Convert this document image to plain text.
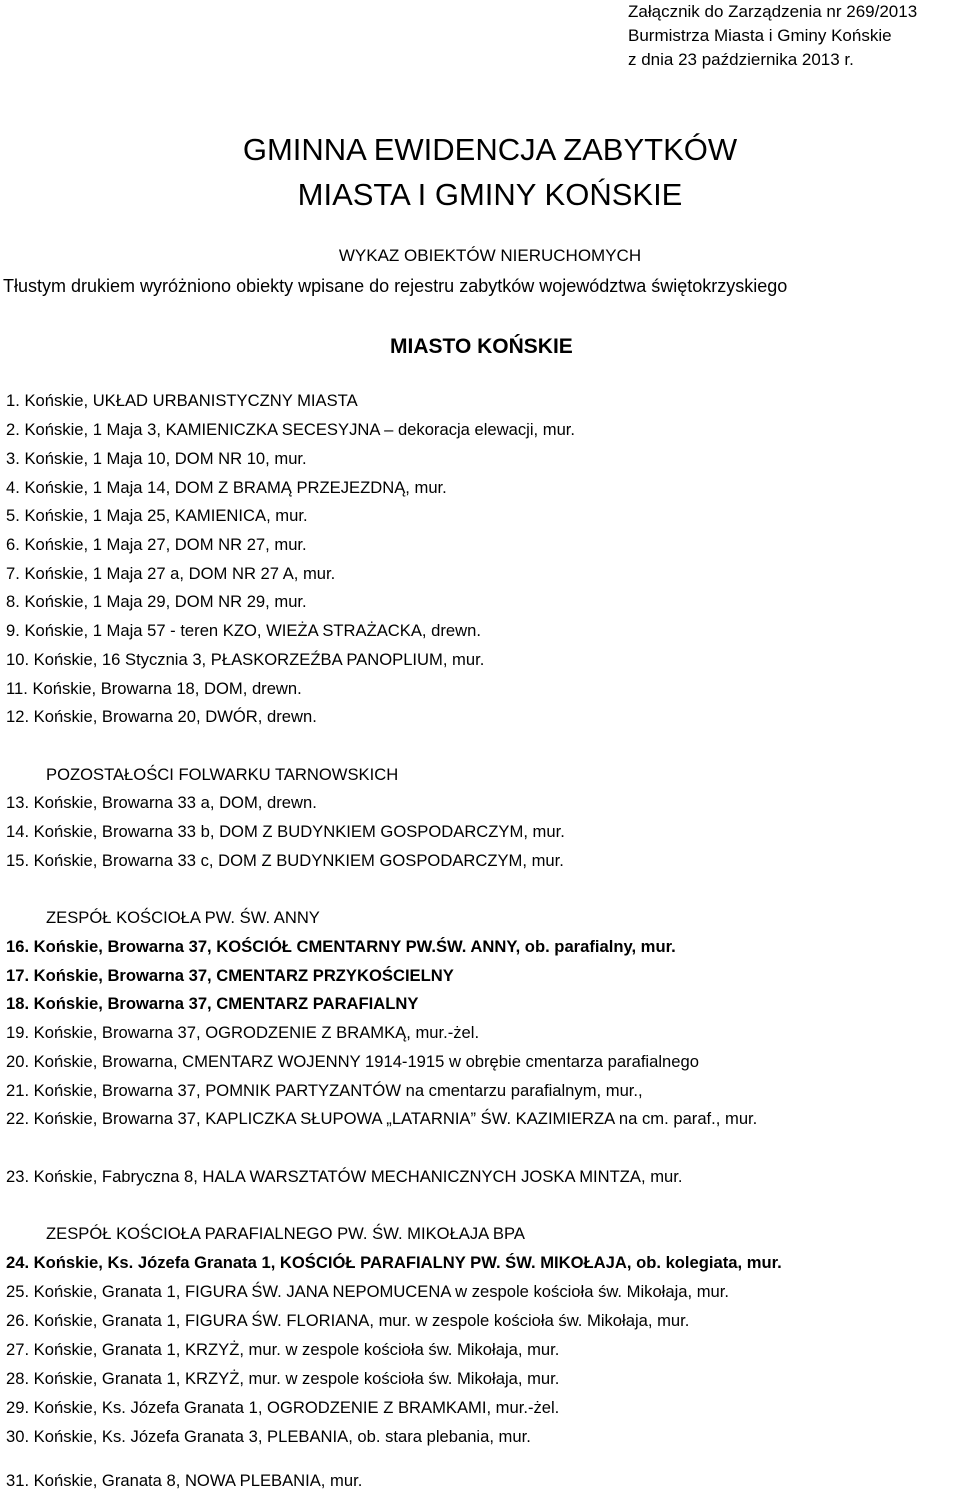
Załącznik do Zarządzenia nr 269/2013
Burmistrza Miasta i Gminy Końskie
z dnia 23 października 2013 r.
GMINNA EWIDENCJA ZABYTKÓW
MIASTA I GMINY KOŃSKIE
WYKAZ OBIEKTÓW NIERUCHOMYCH
Tłustym drukiem wyróżniono obiekty wpisane do rejestru zabytków województwa świętokrzyskiego
MIASTO KOŃSKIE
1. Końskie, UKŁAD URBANISTYCZNY MIASTA
2. Końskie, 1 Maja 3, KAMIENICZKA SECESYJNA – dekoracja elewacji, mur.
3. Końskie, 1 Maja 10, DOM NR 10, mur.
4. Końskie, 1 Maja 14, DOM Z BRAMĄ PRZEJEZDNĄ, mur.
5. Końskie, 1 Maja 25, KAMIENICA, mur.
6. Końskie, 1 Maja 27, DOM NR 27, mur.
7. Końskie, 1 Maja 27 a, DOM NR 27 A, mur.
8. Końskie, 1 Maja 29, DOM NR 29, mur.
9. Końskie, 1 Maja 57 - teren KZO, WIEŻA STRAŻACKA, drewn.
10. Końskie, 16 Stycznia 3, PŁASKORZEŹBA PANOPLIUM, mur.
11. Końskie, Browarna 18, DOM, drewn.
12. Końskie, Browarna 20, DWÓR, drewn.
POZOSTAŁOŚCI FOLWARKU TARNOWSKICH
13. Końskie, Browarna 33 a, DOM, drewn.
14. Końskie, Browarna 33 b, DOM Z BUDYNKIEM GOSPODARCZYM, mur.
15. Końskie, Browarna 33 c, DOM Z BUDYNKIEM GOSPODARCZYM, mur.
ZESPÓŁ KOŚCIOŁA PW. ŚW. ANNY
16. Końskie, Browarna 37, KOŚCIÓŁ CMENTARNY PW.ŚW. ANNY, ob. parafialny, mur.
17. Końskie, Browarna 37, CMENTARZ PRZYKOŚCIELNY
18. Końskie, Browarna 37, CMENTARZ PARAFIALNY
19. Końskie, Browarna 37, OGRODZENIE Z BRAMKĄ, mur.-żel.
20. Końskie, Browarna, CMENTARZ WOJENNY 1914-1915 w obrębie cmentarza parafialnego
21. Końskie, Browarna 37, POMNIK PARTYZANTÓW na cmentarzu parafialnym, mur.,
22. Końskie, Browarna 37, KAPLICZKA SŁUPOWA „LATARNIA” ŚW. KAZIMIERZA na cm. paraf., mur.
23. Końskie, Fabryczna 8, HALA WARSZTATÓW MECHANICZNYCH JOSKA MINTZA, mur.
ZESPÓŁ KOŚCIOŁA PARAFIALNEGO PW. ŚW. MIKOŁAJA BPA
24. Końskie, Ks. Józefa Granata 1, KOŚCIÓŁ PARAFIALNY PW. ŚW. MIKOŁAJA, ob. kolegiata, mur.
25. Końskie, Granata 1, FIGURA ŚW. JANA NEPOMUCENA w zespole kościoła św. Mikołaja, mur.
26. Końskie, Granata 1, FIGURA ŚW. FLORIANA, mur. w zespole kościoła św. Mikołaja, mur.
27. Końskie, Granata 1, KRZYŻ, mur. w zespole kościoła św. Mikołaja, mur.
28. Końskie, Granata 1, KRZYŻ, mur. w zespole kościoła św. Mikołaja, mur.
29. Końskie, Ks. Józefa Granata 1, OGRODZENIE Z BRAMKAMI, mur.-żel.
30. Końskie, Ks. Józefa Granata 3, PLEBANIA, ob. stara plebania, mur.
31. Końskie, Granata 8, NOWA PLEBANIA, mur.
